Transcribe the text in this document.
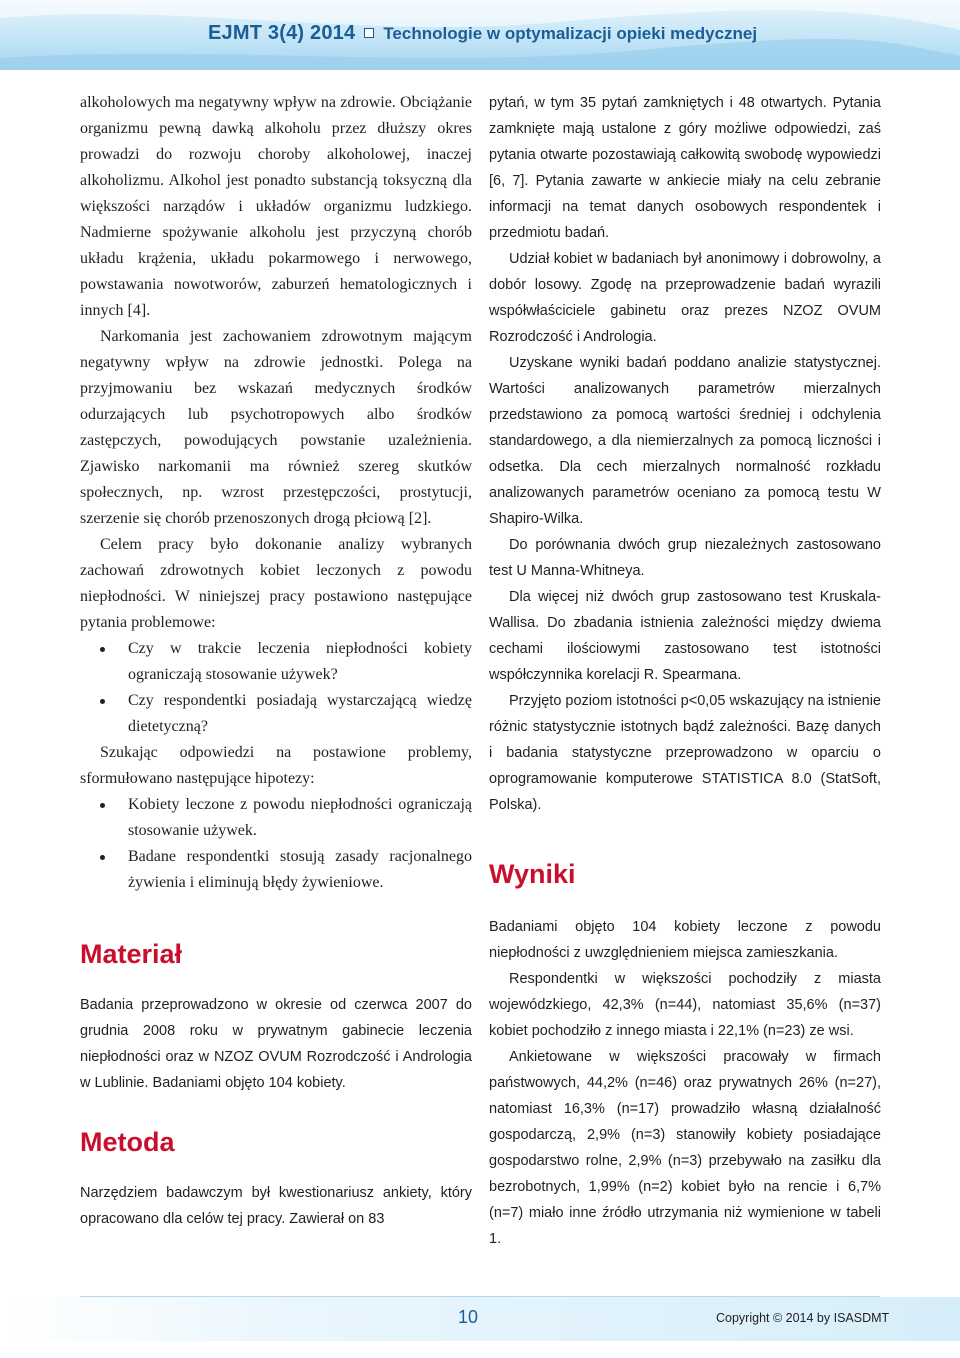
EJMT 3(4) 2014 Technologie w optymalizacji opieki medycznej

alkoholowych ma negatywny wpływ na zdrowie. Obciążanie organizmu pewną dawką alkoholu przez dłuższy okres prowadzi do rozwoju choroby alkoholowej, inaczej alkoholizmu. Alkohol jest ponadto substancją toksyczną dla większości narządów i układów organizmu ludzkiego. Nadmierne spożywanie alkoholu jest przyczyną chorób układu krążenia, układu pokarmowego i nerwowego, powstawania nowotworów, zaburzeń hematologicznych i innych [4].

Narkomania jest zachowaniem zdrowotnym mającym negatywny wpływ na zdrowie jednostki. Polega na przyjmowaniu bez wskazań medycznych środków odurzających lub psychotropowych albo środków zastępczych, powodujących powstanie uzależnienia. Zjawisko narkomanii ma również szereg skutków społecznych, np. wzrost przestępczości, prostytucji, szerzenie się chorób przenoszonych drogą płciową [2].

Celem pracy było dokonanie analizy wybranych zachowań zdrowotnych kobiet leczonych z powodu niepłodności. W niniejszej pracy postawiono następujące pytania problemowe:

Czy w trakcie leczenia niepłodności kobiety ograniczają stosowanie używek?
Czy respondentki posiadają wystarczającą wiedzę dietetyczną?

Szukając odpowiedzi na postawione problemy, sformułowano następujące hipotezy:

Kobiety leczone z powodu niepłodności ograniczają stosowanie używek.
Badane respondentki stosują zasady racjonalnego żywienia i eliminują błędy żywieniowe.
Materiał

Badania przeprowadzono w okresie od czerwca 2007 do grudnia 2008 roku w prywatnym gabinecie leczenia niepłodności oraz w NZOZ OVUM Rozrodczość i Andrologia w Lublinie. Badaniami objęto 104 kobiety.

Metoda

Narzędziem badawczym był kwestionariusz ankiety, który opracowano dla celów tej pracy. Zawierał on 83

pytań, w tym 35 pytań zamkniętych i 48 otwartych. Pytania zamknięte mają ustalone z góry możliwe odpowiedzi, zaś pytania otwarte pozostawiają całkowitą swobodę wypowiedzi [6, 7]. Pytania zawarte w ankiecie miały na celu zebranie informacji na temat danych osobowych respondentek i przedmiotu badań.

Udział kobiet w badaniach był anonimowy i dobrowolny, a dobór losowy. Zgodę na przeprowadzenie badań wyrazili współwłaściciele gabinetu oraz prezes NZOZ OVUM Rozrodczość i Andrologia.

Uzyskane wyniki badań poddano analizie statystycznej. Wartości analizowanych parametrów mierzalnych przedstawiono za pomocą wartości średniej i odchylenia standardowego, a dla niemierzalnych za pomocą liczności i odsetka. Dla cech mierzalnych normalność rozkładu analizowanych parametrów oceniano za pomocą testu W Shapiro-Wilka.

Do porównania dwóch grup niezależnych zastosowano test U Manna-Whitneya.

Dla więcej niż dwóch grup zastosowano test Kruskala-Wallisa. Do zbadania istnienia zależności między dwiema cechami ilościowymi zastosowano test istotności współczynnika korelacji R. Spearmana.

Przyjęto poziom istotności p<0,05 wskazujący na istnienie różnic statystycznie istotnych bądź zależności. Bazę danych i badania statystyczne przeprowadzono w oparciu o oprogramowanie komputerowe STATISTICA 8.0 (StatSoft, Polska).

Wyniki

Badaniami objęto 104 kobiety leczone z powodu niepłodności z uwzględnieniem miejsca zamieszkania.

Respondentki w większości pochodziły z miasta wojewódzkiego, 42,3% (n=44), natomiast 35,6% (n=37) kobiet pochodziło z innego miasta i 22,1% (n=23) ze wsi.

Ankietowane w większości pracowały w firmach państwowych, 44,2% (n=46) oraz prywatnych 26% (n=27), natomiast 16,3% (n=17) prowadziło własną działalność gospodarczą, 2,9% (n=3) stanowiły kobiety posiadające gospodarstwo rolne, 2,9% (n=3) przebywało na zasiłku dla bezrobotnych, 1,99% (n=2) kobiet było na rencie i 6,7% (n=7) miało inne źródło utrzymania niż wymienione w tabeli 1.

10	Copyright © 2014 by ISASDMT
